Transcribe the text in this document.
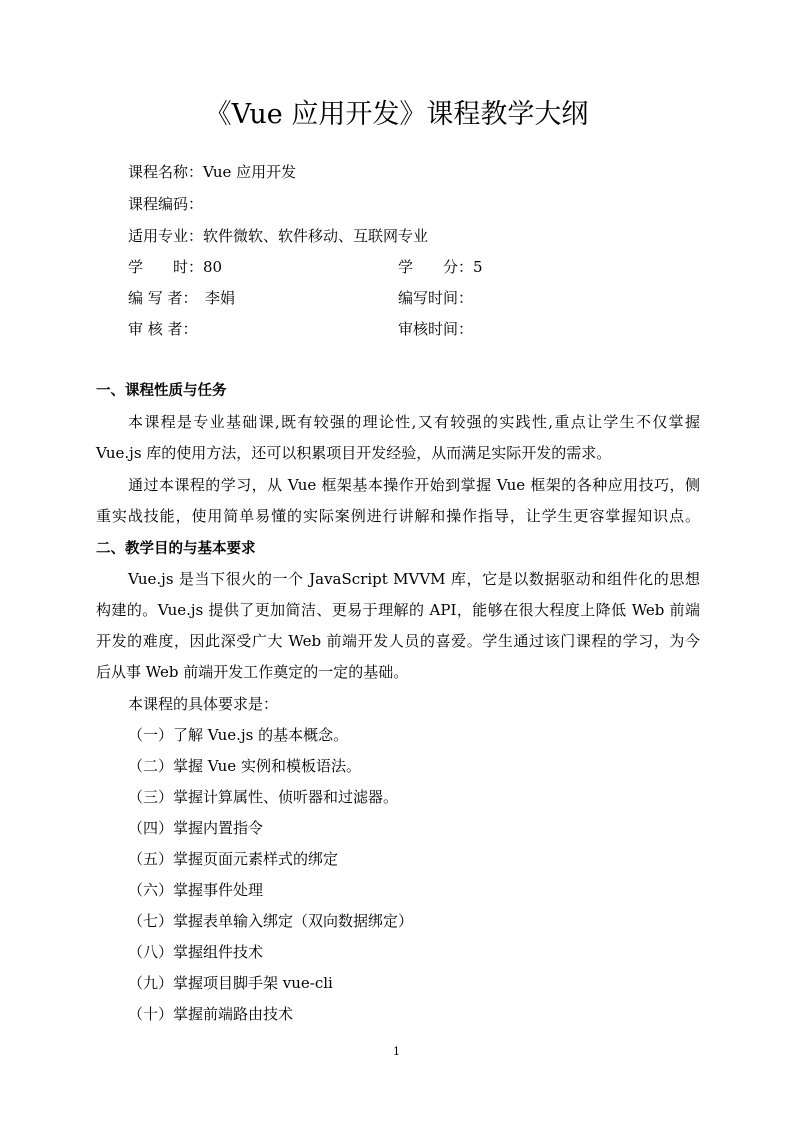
《Vue 应用开发》课程教学大纲
课程名称：Vue 应用开发
课程编码：
适用专业：软件微软、软件移动、互联网专业
学　　时：80	学　　分：5
编 写 者：　李娟	编写时间：
审 核 者：	审核时间：
一、课程性质与任务
本课程是专业基础课,既有较强的理论性,又有较强的实践性,重点让学生不仅掌握
Vue.js 库的使用方法，还可以积累项目开发经验，从而满足实际开发的需求。
通过本课程的学习，从 Vue 框架基本操作开始到掌握 Vue 框架的各种应用技巧，侧
重实战技能，使用简单易懂的实际案例进行讲解和操作指导，让学生更容掌握知识点。
二、教学目的与基本要求
Vue.js 是当下很火的一个 JavaScript MVVM 库，它是以数据驱动和组件化的思想
构建的。Vue.js 提供了更加简洁、更易于理解的 API，能够在很大程度上降低 Web 前端
开发的难度，因此深受广大 Web 前端开发人员的喜爱。学生通过该门课程的学习，为今
后从事 Web 前端开发工作奠定的一定的基础。
本课程的具体要求是：
（一）了解 Vue.js 的基本概念。
（二）掌握 Vue 实例和模板语法。
（三）掌握计算属性、侦听器和过滤器。
（四）掌握内置指令
（五）掌握页面元素样式的绑定
（六）掌握事件处理
（七）掌握表单输入绑定（双向数据绑定）
（八）掌握组件技术
（九）掌握项目脚手架 vue-cli
（十）掌握前端路由技术
1
